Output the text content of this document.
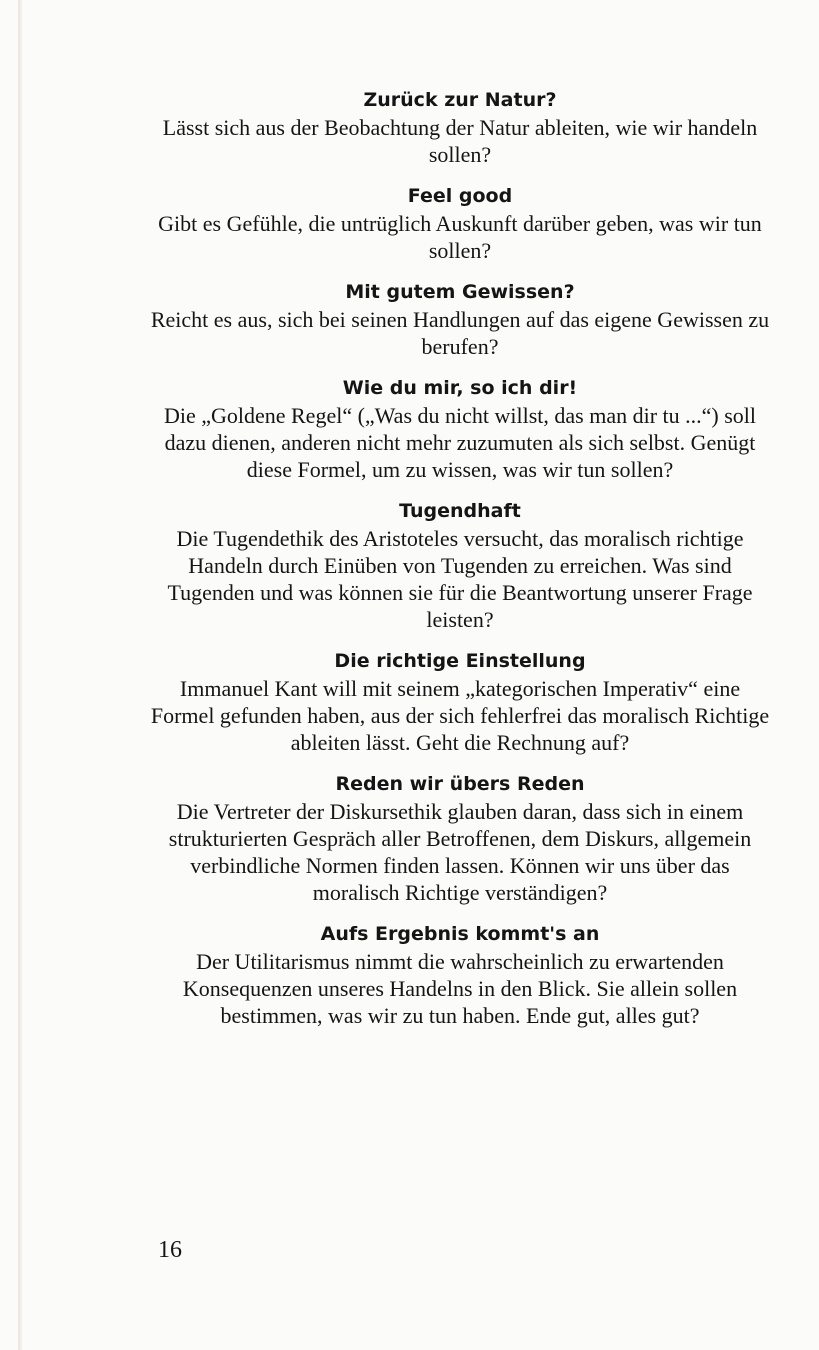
Zurück zur Natur?

Lässt sich aus der Beobachtung der Natur ableiten, wie wir handeln sollen?

Feel good

Gibt es Gefühle, die untrüglich Auskunft darüber geben, was wir tun sollen?

Mit gutem Gewissen?

Reicht es aus, sich bei seinen Handlungen auf das eigene Gewissen zu berufen?

Wie du mir, so ich dir!

Die „Goldene Regel“ („Was du nicht willst, das man dir tu ...“) soll dazu dienen, anderen nicht mehr zuzumuten als sich selbst. Genügt diese Formel, um zu wissen, was wir tun sollen?

Tugendhaft

Die Tugendethik des Aristoteles versucht, das moralisch richtige Handeln durch Einüben von Tugenden zu erreichen. Was sind Tugenden und was können sie für die Beantwortung unserer Frage leisten?

Die richtige Einstellung

Immanuel Kant will mit seinem „kategorischen Imperativ“ eine Formel gefunden haben, aus der sich fehlerfrei das moralisch Richtige ableiten lässt. Geht die Rechnung auf?

Reden wir übers Reden

Die Vertreter der Diskursethik glauben daran, dass sich in einem strukturierten Gespräch aller Betroffenen, dem Diskurs, allgemein verbindliche Normen finden lassen. Können wir uns über das moralisch Richtige verständigen?

Aufs Ergebnis kommt's an

Der Utilitarismus nimmt die wahrscheinlich zu erwartenden Konsequenzen unseres Handelns in den Blick. Sie allein sollen bestimmen, was wir zu tun haben. Ende gut, alles gut?

16
